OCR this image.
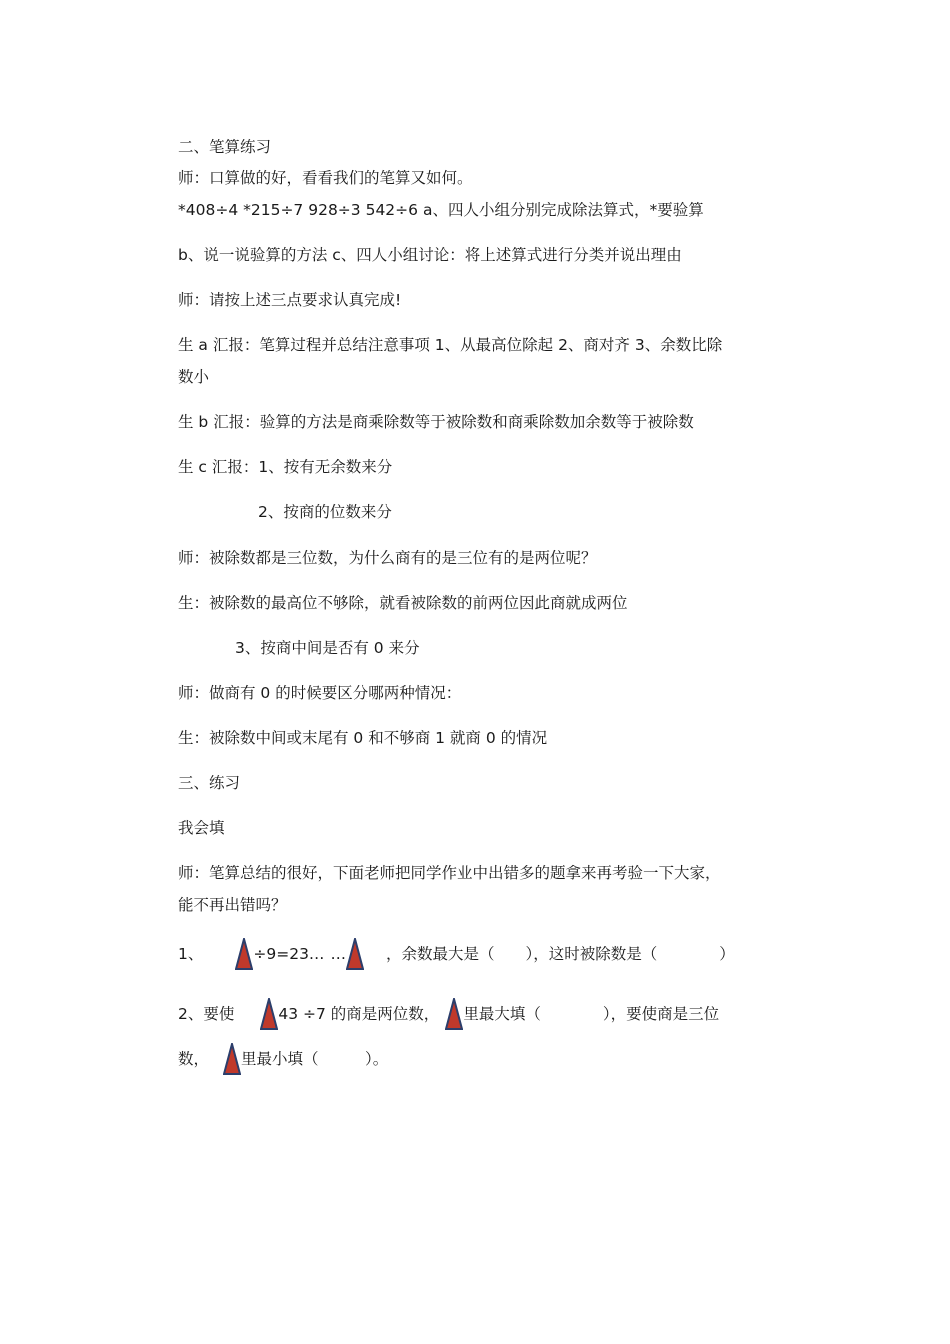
二、笔算练习
师：口算做的好，看看我们的笔算又如何。
*408÷4 *215÷7 928÷3 542÷6 a、四人小组分别完成除法算式，*要验算
b、说一说验算的方法 c、四人小组讨论：将上述算式进行分类并说出理由
师：请按上述三点要求认真完成!
生 a 汇报：笔算过程并总结注意事项 1、从最高位除起 2、商对齐 3、余数比除
数小
生 b 汇报：验算的方法是商乘除数等于被除数和商乘除数加余数等于被除数
生 c 汇报：1、按有无余数来分
2、按商的位数来分
师：被除数都是三位数，为什么商有的是三位有的是两位呢？
生：被除数的最高位不够除，就看被除数的前两位因此商就成两位
3、按商中间是否有 0 来分
师：做商有 0 的时候要区分哪两种情况：
生：被除数中间或末尾有 0 和不够商 1 就商 0 的情况
三、练习
我会填
师：笔算总结的很好，下面老师把同学作业中出错多的题拿来再考验一下大家，
能不再出错吗？
1、	÷9=23… …	，余数最大是（　　），这时被除数是（　　　　）
2、要使	43 ÷7 的商是两位数， 里最大填（　　　　），要使商是三位
数， 里最小填（　　　）。
